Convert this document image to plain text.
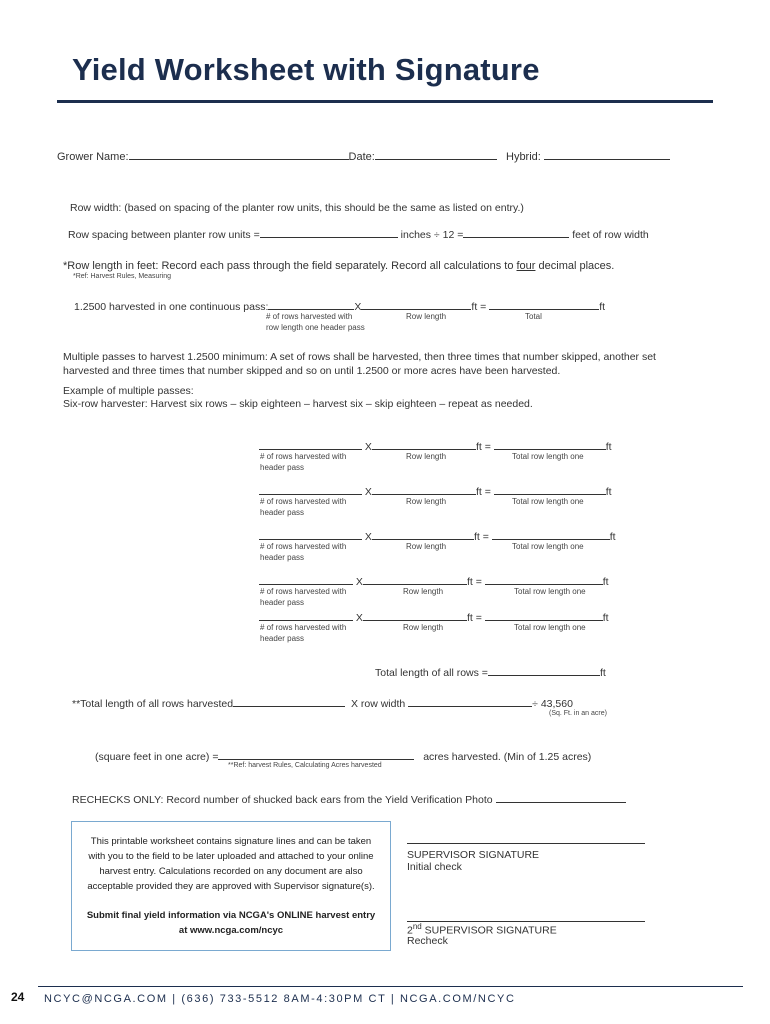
Yield Worksheet with Signature
Grower Name:	Date:	Hybrid:
Row width: (based on spacing of the planter row units, this should be the same as listed on entry.)
Row spacing between planter row units =	inches ÷ 12 =	feet of row width
*Row length in feet: Record each pass through the field separately. Record all calculations to four decimal places.
*Ref: Harvest Rules, Measuring
1.2500 harvested in one continuous pass:	X	ft =	ft
# of rows harvested with
row length one header pass
Row length	Total
Multiple passes to harvest 1.2500 minimum: A set of rows shall be harvested, then three times that number skipped, another set
harvested and three times that number skipped and so on until 1.2500 or more acres have been harvested.
Example of multiple passes:
Six-row harvester: Harvest six rows – skip eighteen – harvest six – skip eighteen – repeat as needed.
X	ft =	ft
# of rows harvested with
header pass
Row length	Total row length one
X	ft =	ft
# of rows harvested with
header pass
Row length	Total row length one
X	ft =	ft
# of rows harvested with
header pass
Row length	Total row length one
X	ft =	ft
# of rows harvested with
header pass
Row length	Total row length one
X	ft =	ft
# of rows harvested with
header pass
Row length	Total row length one
Total length of all rows =	ft
**Total length of all rows harvested	X row width	÷ 43,560
(Sq. Ft. in an acre)
(square feet in one acre) =	acres harvested. (Min of 1.25 acres)
**Ref: harvest Rules, Calculating Acres harvested
RECHECKS ONLY: Record number of shucked back ears from the Yield Verification Photo
This printable worksheet contains signature lines and can be taken with you to the field to be later uploaded and attached to your online harvest entry. Calculations recorded on any document are also acceptable provided they are approved with Supervisor signature(s).
Submit final yield information via NCGA's ONLINE harvest entry at www.ncga.com/ncyc
SUPERVISOR SIGNATURE
Initial check
2nd SUPERVISOR SIGNATURE
Recheck
24 NCYC@NCGA.COM | (636) 733-5512 8AM-4:30PM CT | NCGA.COM/NCYC
